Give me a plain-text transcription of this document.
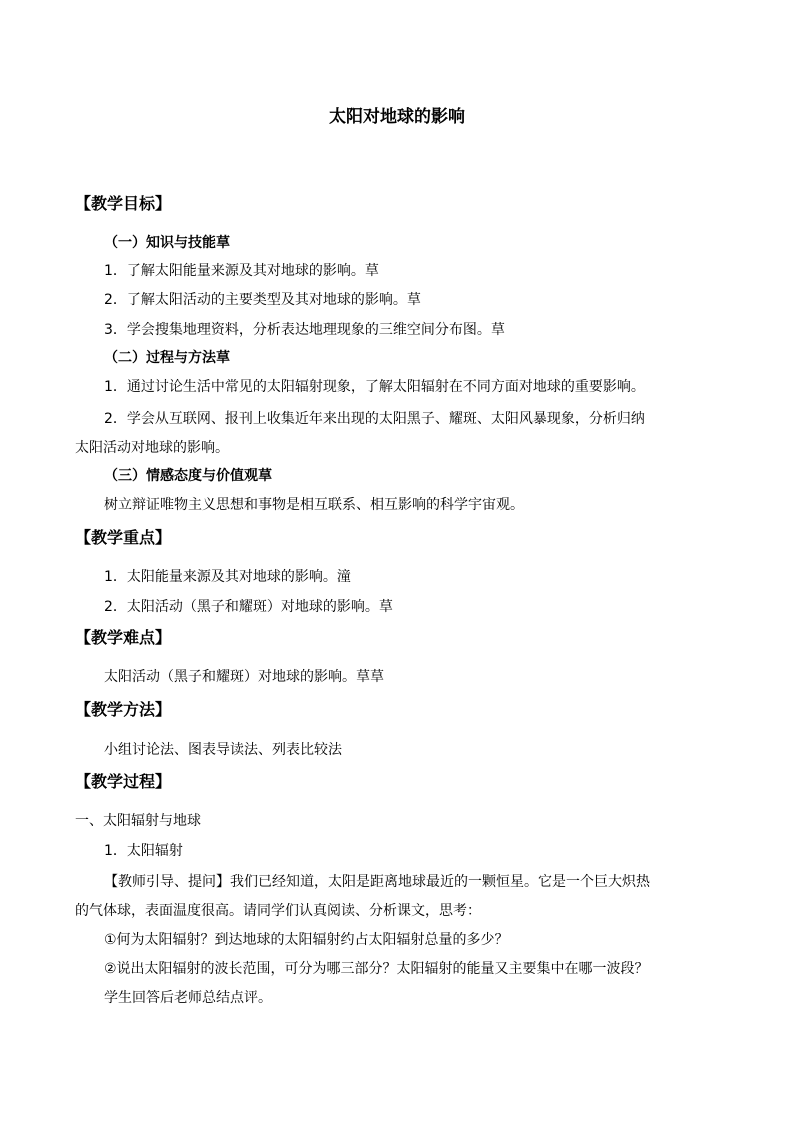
太阳对地球的影响
【教学目标】
（一）知识与技能䓍
1．了解太阳能量来源及其对地球的影响。䓍
2．了解太阳活动的主要类型及其对地球的影响。䓍
3．学会搜集地理资料，分析表达地理现象的三维空间分布图。䓍
（二）过程与方法䓍
1．通过讨论生活中常见的太阳辐射现象，了解太阳辐射在不同方面对地球的重要影响。
2．学会从互联网、报刊上收集近年来出现的太阳黑子、耀斑、太阳风暴现象，分析归纳
太阳活动对地球的影响。
（三）情感态度与价值观䓍
树立辩证唯物主义思想和事物是相互联系、相互影响的科学宇宙观。
【教学重点】
1．太阳能量来源及其对地球的影响。潼
2．太阳活动（黑子和耀斑）对地球的影响。䓍
【教学难点】
太阳活动（黑子和耀斑）对地球的影响。䓍䓍
【教学方法】
小组讨论法、图表导读法、列表比较法
【教学过程】
一、太阳辐射与地球
1．太阳辐射
【教师引导、提问】我们已经知道，太阳是距离地球最近的一颗恒星。它是一个巨大炽热
的气体球，表面温度很高。请同学们认真阅读、分析课文，思考：
①何为太阳辐射？到达地球的太阳辐射约占太阳辐射总量的多少？
②说出太阳辐射的波长范围，可分为哪三部分？太阳辐射的能量又主要集中在哪一波段？
学生回答后老师总结点评。
